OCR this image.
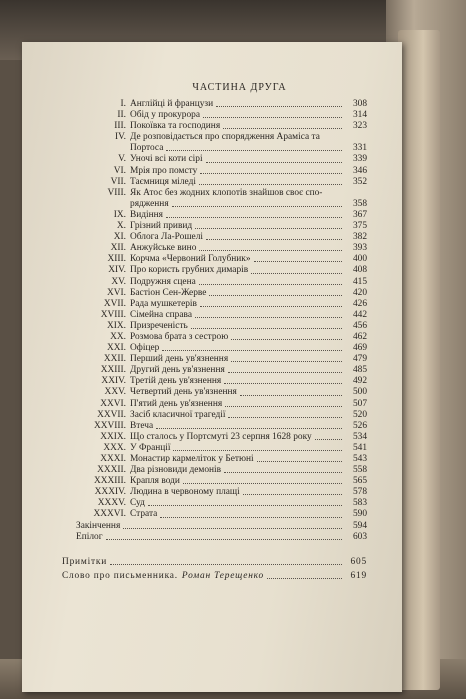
ЧАСТИНА ДРУГА
I. Англійці й французи	308
II. Обід у прокурора	314
III. Покоївка та господиня	323
IV. Де розповідається про спорядження Араміса та
Портоса	331
V. Уночі всі коти сірі	339
VI. Мрія про помсту	346
VII. Таємниця міледі	352
VIII. Як Атос без жодних клопотів знайшов своє спо-
рядження	358
IX. Видіння	367
X. Грізний привид	375
XI. Облога Ла-Рошелі	382
XII. Анжуйське вино	393
XIII. Корчма «Червоний Голубник»	400
XIV. Про користь грубних димарів	408
XV. Подружня сцена	415
XVI. Бастіон Сен-Жерве	420
XVII. Рада мушкетерів	426
XVIII. Сімейна справа	442
XIX. Призреченість	456
XX. Розмова брата з сестрою	462
XXI. Офіцер	469
XXII. Перший день ув'язнення	479
XXIII. Другий день ув'язнення	485
XXIV. Третій день ув'язнення	492
XXV. Четвертий день ув'язнення	500
XXVI. П'ятий день ув'язнення	507
XXVII. Засіб класичної трагедії	520
XXVIII. Втеча	526
XXIX. Що сталось у Портсмуті 23 серпня 1628 року	534
XXX. У Франції	541
XXXI. Монастир кармеліток у Бетюні	543
XXXII. Два різновиди демонів	558
XXXIII. Крапля води	565
XXXIV. Людина в червоному плащі	578
XXXV. Суд	583
XXXVI. Страта	590
Закінчення	594
Епілог	603
Примітки	605
Слово про письменника. Роман Терещенко	619
